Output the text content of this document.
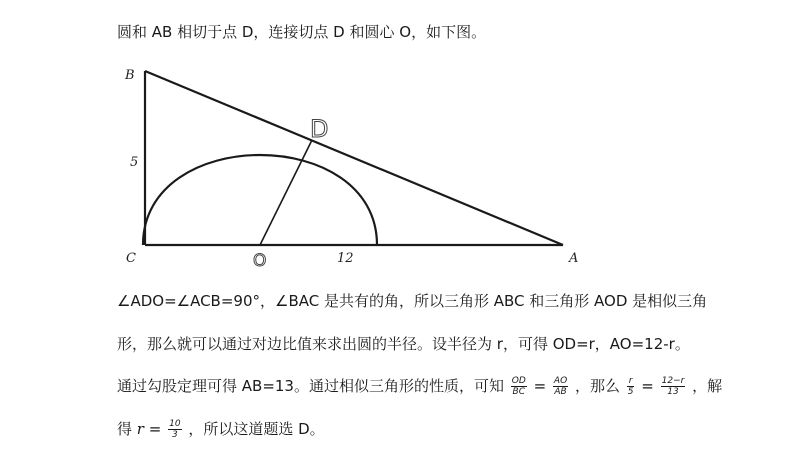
圆和 AB 相切于点 D，连接切点 D 和圆心 O，如下图。
B
5
C	O	12	A
D
∠ADO=∠ACB=90°，∠BAC 是共有的角，所以三角形 ABC 和三角形 AOD 是相似三角
形，那么就可以通过对边比值来求出圆的半径。设半径为 r，可得 OD=r，AO=12-r。
通过勾股定理可得 AB=13。通过相似三角形的性质，可知 $\frac{OD}{BC} = \frac{AO}{AB}$ ，那么 $\frac{r}{5} = \frac{12-r}{13}$ ，解
得 $r = \frac{10}{3}$ ，所以这道题选 D。
